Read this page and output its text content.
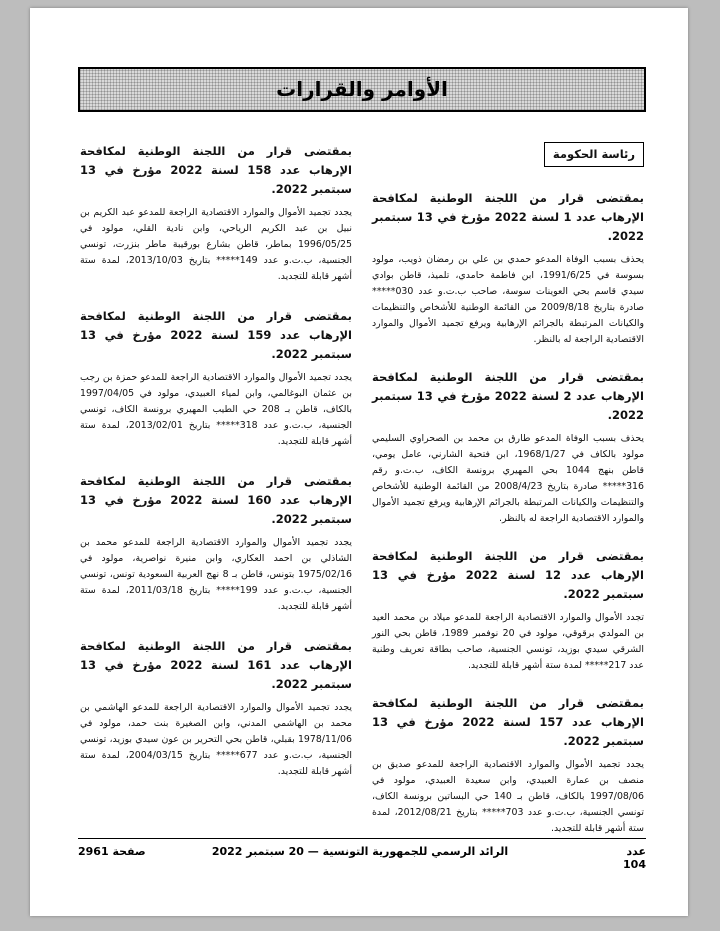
الأوامر والقرارات
رئاسة الحكومة

بمقتضى قرار من اللجنة الوطنية لمكافحة الإرهاب عدد 1 لسنة 2022 مؤرخ في 13 سبتمبر 2022.

يحذف بسبب الوفاة المدعو حمدي بن علي بن رمضان ذويب، مولود بسوسة في 1991/6/25، ابن فاطمة حامدي، تلميذ، قاطن بوادي سيدي قاسم بحي العوينات سوسة، صاحب ب.ت.و عدد 030***** صادرة بتاريخ 2009/8/18 من القائمة الوطنية للأشخاص والتنظيمات والكيانات المرتبطة بالجرائم الإرهابية ويرفع تجميد الأموال والموارد الاقتصادية الراجعة له بالنظر.

بمقتضى قرار من اللجنة الوطنية لمكافحة الإرهاب عدد 2 لسنة 2022 مؤرخ في 13 سبتمبر 2022.

يحذف بسبب الوفاة المدعو طارق بن محمد بن الصحراوي السليمي مولود بالكاف في 1968/1/27، ابن فتحية الشارني، عامل يومي، قاطن بنهج 1044 بحي المهيري برونسة الكاف، ب.ت.و رقم 316***** صادرة بتاريخ 2008/4/23 من القائمة الوطنية للأشخاص والتنظيمات والكيانات المرتبطة بالجرائم الإرهابية ويرفع تجميد الأموال والموارد الاقتصادية الراجعة له بالنظر.

بمقتضى قرار من اللجنة الوطنية لمكافحة الإرهاب عدد 12 لسنة 2022 مؤرخ في 13 سبتمبر 2022.

تجدد الأموال والموارد الاقتصادية الراجعة للمدعو ميلاد بن محمد العيد بن المولدي برقوقي، مولود في 20 نوفمبر 1989، قاطن بحي النور الشرقي سيدي بوزيد، تونسي الجنسية، صاحب بطاقة تعريف وطنية عدد 217***** لمدة ستة أشهر قابلة للتجديد.

بمقتضى قرار من اللجنة الوطنية لمكافحة الإرهاب عدد 157 لسنة 2022 مؤرخ في 13 سبتمبر 2022.

يجدد تجميد الأموال والموارد الاقتصادية الراجعة للمدعو صديق بن منصف بن عمارة العبيدي، وابن سعيدة العبيدي، مولود في 1997/08/06 بالكاف، قاطن بـ 140 حي البساتين برونسة الكاف، تونسي الجنسية، ب.ت.و عدد 703***** بتاريخ 2012/08/21، لمدة ستة أشهر قابلة للتجديد.

بمقتضى قرار من اللجنة الوطنية لمكافحة الإرهاب عدد 158 لسنة 2022 مؤرخ في 13 سبتمبر 2022.

يجدد تجميد الأموال والموارد الاقتصادية الراجعة للمدعو عبد الكريم بن نبيل بن عبد الكريم الرياحي، وابن نادية القلي، مولود في 1996/05/25 بماطر، قاطن بشارع بورقيبة ماطر بنزرت، تونسي الجنسية، ب.ت.و عدد 149***** بتاريخ 2013/10/03، لمدة ستة أشهر قابلة للتجديد.

بمقتضى قرار من اللجنة الوطنية لمكافحة الإرهاب عدد 159 لسنة 2022 مؤرخ في 13 سبتمبر 2022.

يجدد تجميد الأموال والموارد الاقتصادية الراجعة للمدعو حمزة بن رجب بن عثمان البوغالمي، وابن لمياء العبيدي، مولود في 1997/04/05 بالكاف، قاطن بـ 208 حي الطيب المهيري برونسة الكاف، تونسي الجنسية، ب.ت.و عدد 318***** بتاريخ 2013/02/01، لمدة ستة أشهر قابلة للتجديد.

بمقتضى قرار من اللجنة الوطنية لمكافحة الإرهاب عدد 160 لسنة 2022 مؤرخ في 13 سبتمبر 2022.

يجدد تجميد الأموال والموارد الاقتصادية الراجعة للمدعو محمد بن الشاذلي بن احمد العكاري، وابن منيرة نواصرية، مولود في 1975/02/16 بتونس، قاطن بـ 8 نهج العربية السعودية تونس، تونسي الجنسية، ب.ت.و عدد 199***** بتاريخ 2011/03/18، لمدة ستة أشهر قابلة للتجديد.

بمقتضى قرار من اللجنة الوطنية لمكافحة الإرهاب عدد 161 لسنة 2022 مؤرخ في 13 سبتمبر 2022.

يجدد تجميد الأموال والموارد الاقتصادية الراجعة للمدعو الهاشمي بن محمد بن الهاشمي المدني، وابن الصغيرة بنت حمد، مولود في 1978/11/06 بقبلي، قاطن بحي التحرير بن عون سيدي بوزيد، تونسي الجنسية، ب.ت.و عدد 677***** بتاريخ 2004/03/15، لمدة ستة أشهر قابلة للتجديد.

عدد 104
الرائد الرسمي للجمهورية التونسية — 20 سبتمبر 2022
صفحة 2961
